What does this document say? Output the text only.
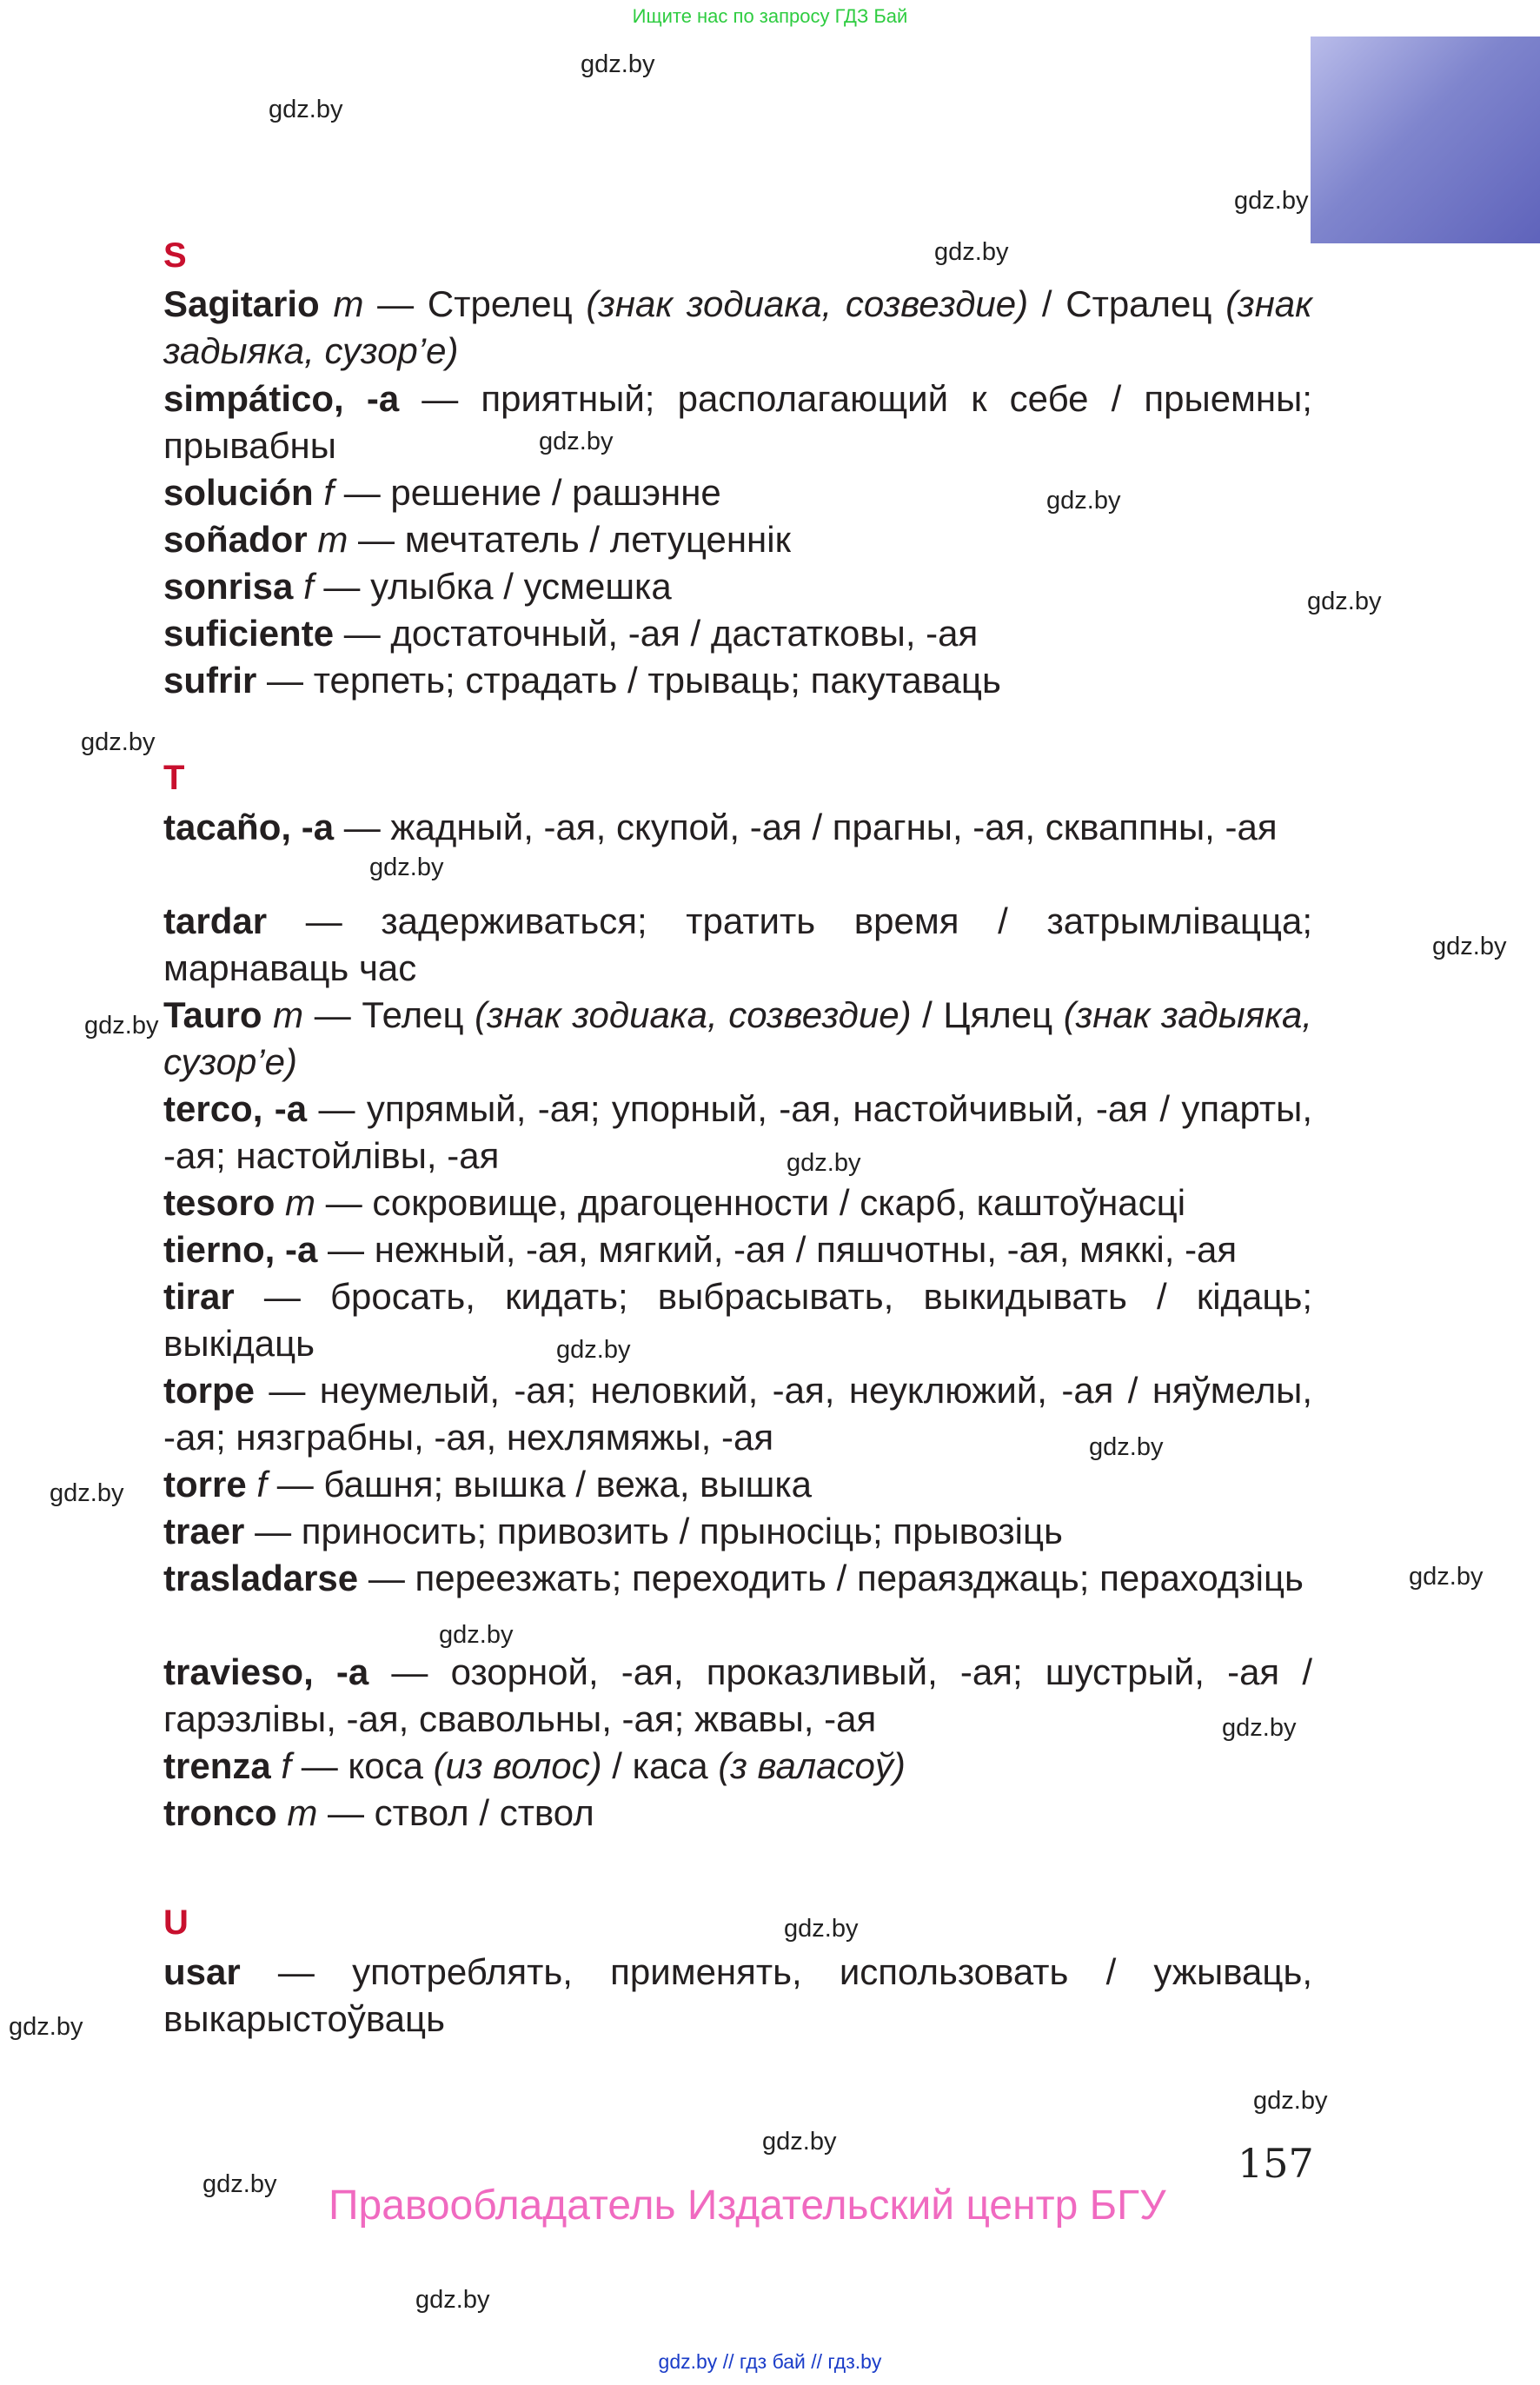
Ищите нас по запросу ГДЗ Бай
gdz.by
gdz.by
gdz.by
gdz.by
gdz.by
gdz.by
gdz.by
gdz.by
gdz.by
gdz.by
gdz.by
gdz.by
gdz.by
gdz.by
gdz.by
gdz.by
gdz.by
gdz.by
gdz.by
gdz.by
gdz.by
gdz.by
gdz.by
gdz.by
S

Sagitario m — Стрелец (знак зодиака, созвездие) / Стралец (знак задыяка, сузор’е)

simpático, -a — приятный; располагающий к себе / прыемны; прывабны

solución f — решение / рашэнне

soñador m — мечтатель / летуценнік

sonrisa f — улыбка / усмешка

suficiente — достаточный, -ая / дастатковы, -ая

sufrir — терпеть; страдать / трываць; пакутаваць

T

tacaño, -a — жадный, -ая, скупой, -ая / прагны, -ая, скваппны, -ая

tardar — задерживаться; тратить время / затрымлівацца; марнаваць час

Tauro m — Телец (знак зодиака, созвездие) / Цялец (знак задыяка, сузор’е)

terco, -a — упрямый, -ая; упорный, -ая, настойчивый, -ая / упарты, -ая; настойлівы, -ая

tesoro m — сокровище, драгоценности / скарб, каштоўнасці

tierno, -a — нежный, -ая, мягкий, -ая / пяшчотны, -ая, мяккі, -ая

tirar — бросать, кидать; выбрасывать, выкидывать / кідаць; выкідаць

torpe — неумелый, -ая; неловкий, -ая, неуклюжий, -ая / няўмелы, -ая; нязграбны, -ая, нехлямяжы, -ая

torre f — башня; вышка / вежа, вышка

traer — приносить; привозить / прыносіць; прывозіць

trasladarse — переезжать; переходить / пераязджаць; пераходзіць

travieso, -a — озорной, -ая, проказливый, -ая; шустрый, -ая / гарэзлівы, -ая, свавольны, -ая; жвавы, -ая

trenza f — коса (из волос) / каса (з валасоў)

tronco m — ствол / ствол

U

usar — употреблять, применять, использовать / ужываць, выкарыстоўваць

157
Правообладатель Издательский центр БГУ
gdz.by // гдз бай // гдз.by
